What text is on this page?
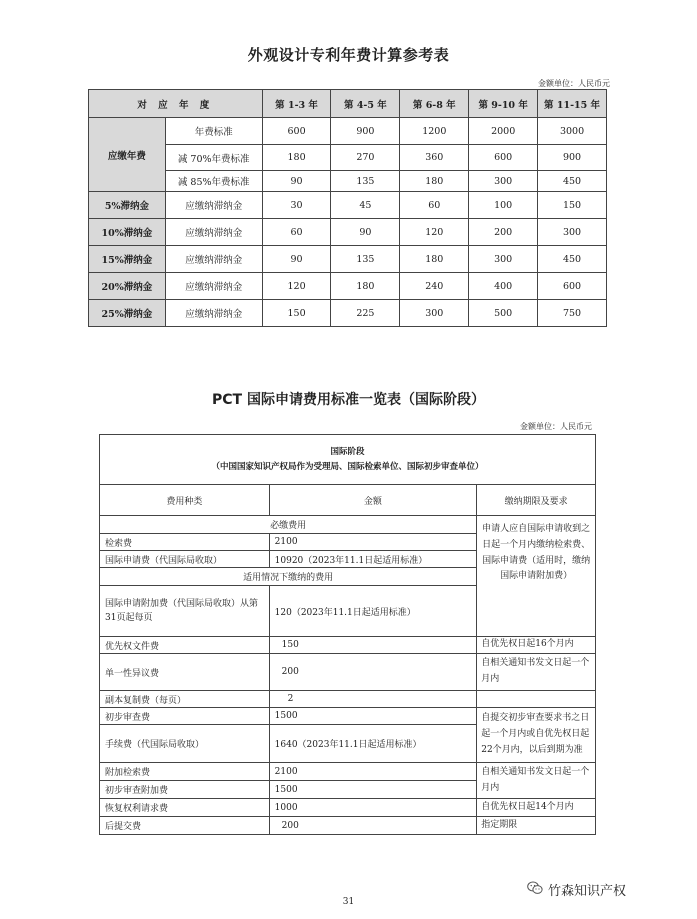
外观设计专利年费计算参考表
金额单位：人民币元
对 应 年 度		第 1-3 年	第 4-5 年	第 6-8 年	第 9-10 年	第 11-15 年
应缴年费	年费标准	600	900	1200	2000	3000
	减 70%年费标准	180	270	360	600	900
	减 85%年费标准	90	135	180	300	450
5%滞纳金	应缴纳滞纳金	30	45	60	100	150
10%滞纳金	应缴纳滞纳金	60	90	120	200	300
15%滞纳金	应缴纳滞纳金	90	135	180	300	450
20%滞纳金	应缴纳滞纳金	120	180	240	400	600
25%滞纳金	应缴纳滞纳金	150	225	300	500	750
PCT 国际申请费用标准一览表（国际阶段）
金额单位：人民币元
国际阶段
（中国国家知识产权局作为受理局、国际检索单位、国际初步审查单位）		

费用种类	金额	缴纳期限及要求
必缴费用		申请人应自国际申请收到之日起一个月内缴纳检索费、国际申请费（适用时，缴纳国际申请附加费）
检索费	2100	
国际申请费（代国际局收取）	10920（2023年11.1日起适用标准）	
适用情况下缴纳的费用		
国际申请附加费（代国际局收取）从第31页起每页	120（2023年11.1日起适用标准）	
优先权文件费	150	自优先权日起16个月内
单一性异议费	200	自相关通知书发文日起一个月内
副本复制费（每页）	2	
初步审查费	1500	自提交初步审查要求书之日起一个月内或自优先权日起22个月内，以后到期为准
手续费（代国际局收取）	1640（2023年11.1日起适用标准）	
附加检索费	2100	自相关通知书发文日起一个月内
初步审查附加费	1500	
恢复权利请求费	1000	自优先权日起14个月内
后提交费	200	指定期限
31
竹森知识产权
